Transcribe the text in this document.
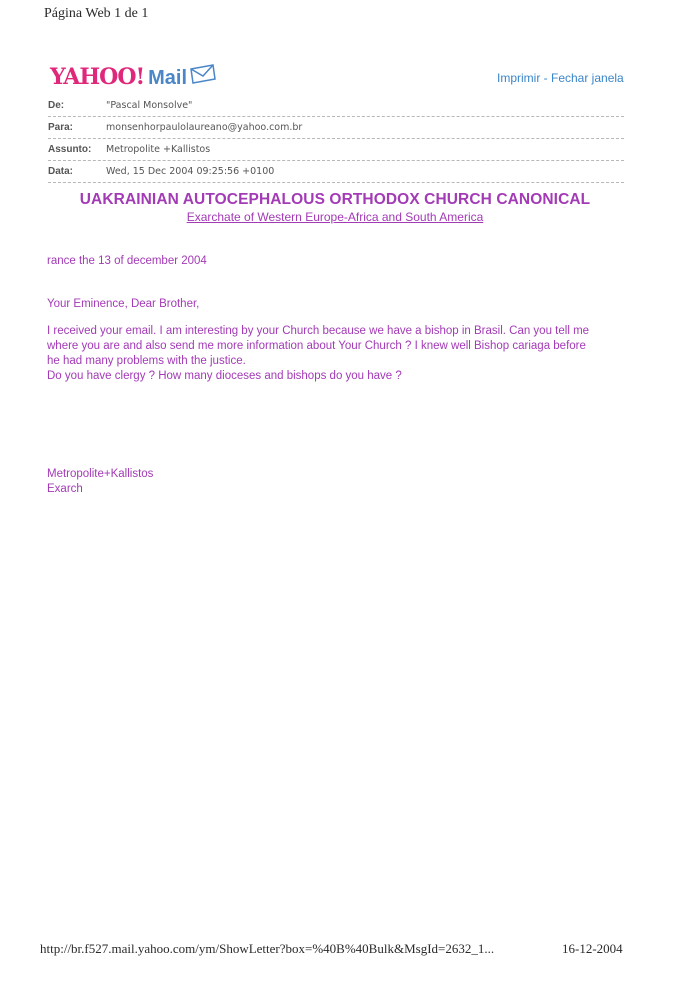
Página Web 1 de 1
YAHOO! Mail	Imprimir - Fechar janela
De:	"Pascal Monsolve"
Para:	monsenhorpaulolaureano@yahoo.com.br
Assunto:	Metropolite +Kallistos
Data:	Wed, 15 Dec 2004 09:25:56 +0100
UAKRAINIAN AUTOCEPHALOUS ORTHODOX CHURCH CANONICAL
Exarchate of Western Europe-Africa and South America
rance the 13 of december 2004
Your Eminence, Dear Brother,
I received your email. I am interesting by your Church because we have a bishop in Brasil. Can you tell me
where you are and also send me more information about Your Church ? I knew well Bishop cariaga before
he had many problems with the justice.
Do you have clergy ? How many dioceses and bishops do you have ?
Metropolite+Kallistos
Exarch
http://br.f527.mail.yahoo.com/ym/ShowLetter?box=%40B%40Bulk&MsgId=2632_1...	16-12-2004
